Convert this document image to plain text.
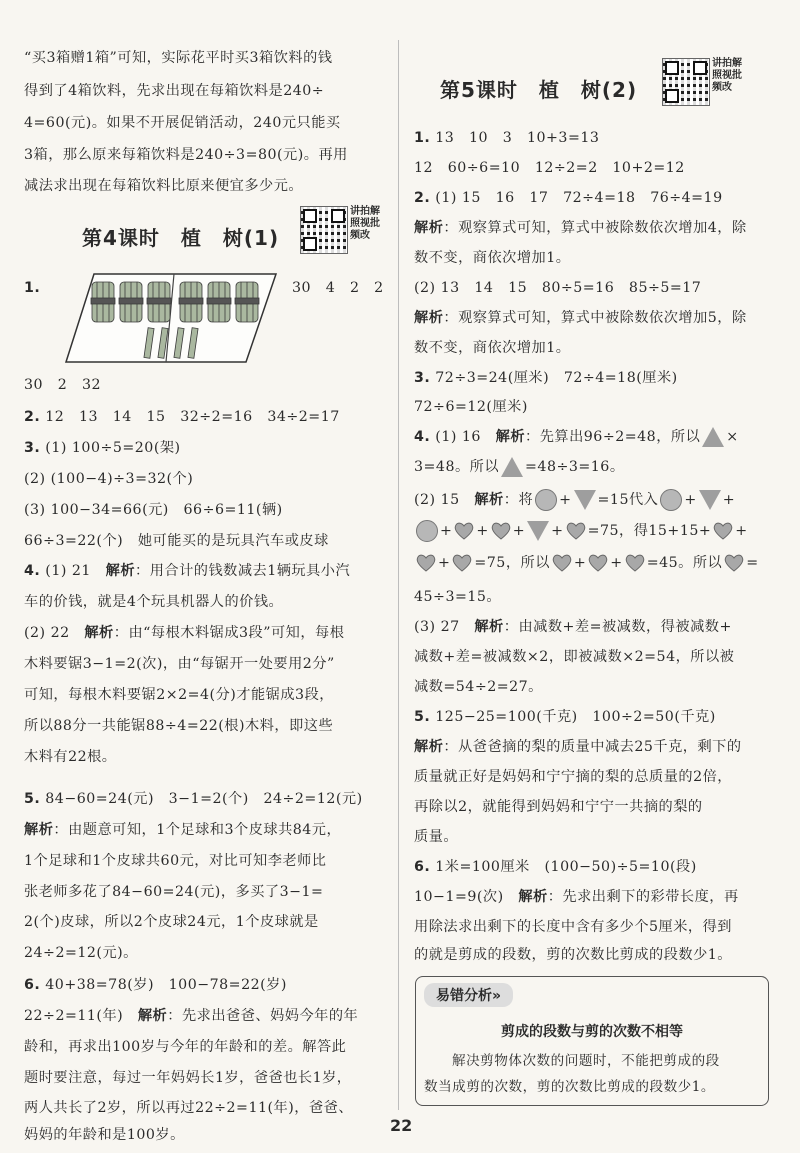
“买3箱赠1箱”可知，实际花平时买3箱饮料的钱
得到了4箱饮料，先求出现在每箱饮料是240÷
4=60(元)。如果不开展促销活动，240元只能买
3箱，那么原来每箱饮料是240÷3=80(元)。再用
减法求出现在每箱饮料比原来便宜多少元。
第4课时　植　树(1)
讲拍解照视批频改
1.	30　4　2　2
30　2　32
2. 12　13　14　15　32÷2=16　34÷2=17
3. (1) 100÷5=20(架)
(2) (100−4)÷3=32(个)
(3) 100−34=66(元)　66÷6=11(辆)
66÷3=22(个)　她可能买的是玩具汽车或皮球
4. (1) 21　解析：用合计的钱数减去1辆玩具小汽
车的价钱，就是4个玩具机器人的价钱。
(2) 22　解析：由“每根木料锯成3段”可知，每根
木料要锯3−1=2(次)，由“每锯开一处要用2分”
可知，每根木料要锯2×2=4(分)才能锯成3段，
所以88分一共能锯88÷4=22(根)木料，即这些
木料有22根。
5. 84−60=24(元)　3−1=2(个)　24÷2=12(元)
解析：由题意可知，1个足球和3个皮球共84元，
1个足球和1个皮球共60元，对比可知李老师比
张老师多花了84−60=24(元)，多买了3−1=
2(个)皮球，所以2个皮球24元，1个皮球就是
24÷2=12(元)。
6. 40+38=78(岁)　100−78=22(岁)
22÷2=11(年)　解析：先求出爸爸、妈妈今年的年
龄和，再求出100岁与今年的年龄和的差。解答此
题时要注意，每过一年妈妈长1岁，爸爸也长1岁，
两人共长了2岁，所以再过22÷2=11(年)，爸爸、
妈妈的年龄和是100岁。
第5课时　植　树(2)
讲拍解照视批频改
1. 13　10　3　10+3=13
12　60÷6=10　12÷2=2　10+2=12
2. (1) 15　16　17　72÷4=18　76÷4=19
解析：观察算式可知，算式中被除数依次增加4，除
数不变，商依次增加1。
(2) 13　14　15　80÷5=16　85÷5=17
解析：观察算式可知，算式中被除数依次增加5，除
数不变，商依次增加1。
3. 72÷3=24(厘米)　72÷4=18(厘米)
72÷6=12(厘米)
4. (1) 16　解析：先算出96÷2=48，所以 ×
3=48。所以 =48÷3=16。
(2) 15　解析：将 + =15代入 + +
+ + + + =75，得15+15+ +
+ =75，所以 + + =45。所以 =
45÷3=15。
(3) 27　解析：由减数+差=被减数，得被减数+
减数+差=被减数×2，即被减数×2=54，所以被
减数=54÷2=27。
5. 125−25=100(千克)　100÷2=50(千克)
解析：从爸爸摘的梨的质量中减去25千克，剩下的
质量就正好是妈妈和宁宁摘的梨的总质量的2倍，
再除以2，就能得到妈妈和宁宁一共摘的梨的
质量。
6. 1米=100厘米　(100−50)÷5=10(段)
10−1=9(次)　解析：先求出剩下的彩带长度，再
用除法求出剩下的长度中含有多少个5厘米，得到
的就是剪成的段数，剪的次数比剪成的段数少1。
易错分析»
剪成的段数与剪的次数不相等
解决剪物体次数的问题时，不能把剪成的段
数当成剪的次数，剪的次数比剪成的段数少1。
22
